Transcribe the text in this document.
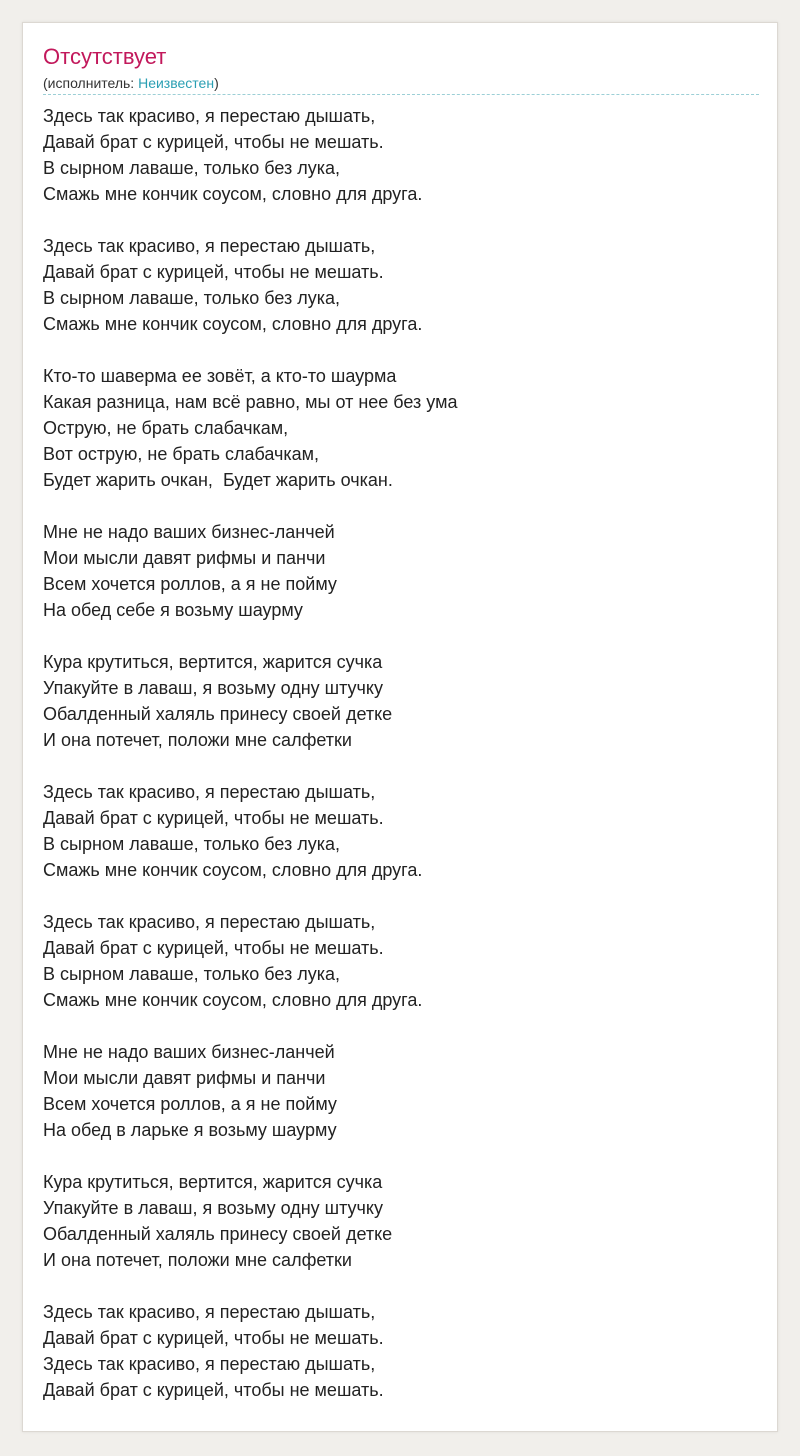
Отсутствует
(исполнитель: Неизвестен)
Здесь так красиво, я перестаю дышать,
Давай брат с курицей, чтобы не мешать.
В сырном лаваше, только без лука,
Смажь мне кончик соусом, словно для друга.
Здесь так красиво, я перестаю дышать,
Давай брат с курицей, чтобы не мешать.
В сырном лаваше, только без лука,
Смажь мне кончик соусом, словно для друга.
Кто-то шаверма ее зовёт, а кто-то шаурма
Какая разница, нам всё равно, мы от нее без ума
Острую, не брать слабачкам,
Вот острую, не брать слабачкам,
Будет жарить очкан,  Будет жарить очкан.
Мне не надо ваших бизнес-ланчей
Мои мысли давят рифмы и панчи
Всем хочется роллов, а я не пойму
На обед себе я возьму шаурму
Кура крутиться, вертится, жарится сучка
Упакуйте в лаваш, я возьму одну штучку
Обалденный халяль принесу своей детке
И она потечет, положи мне салфетки
Здесь так красиво, я перестаю дышать,
Давай брат с курицей, чтобы не мешать.
В сырном лаваше, только без лука,
Смажь мне кончик соусом, словно для друга.
Здесь так красиво, я перестаю дышать,
Давай брат с курицей, чтобы не мешать.
В сырном лаваше, только без лука,
Смажь мне кончик соусом, словно для друга.
Мне не надо ваших бизнес-ланчей
Мои мысли давят рифмы и панчи
Всем хочется роллов, а я не пойму
На обед в ларьке я возьму шаурму
Кура крутиться, вертится, жарится сучка
Упакуйте в лаваш, я возьму одну штучку
Обалденный халяль принесу своей детке
И она потечет, положи мне салфетки
Здесь так красиво, я перестаю дышать,
Давай брат с курицей, чтобы не мешать.
Здесь так красиво, я перестаю дышать,
Давай брат с курицей, чтобы не мешать.
